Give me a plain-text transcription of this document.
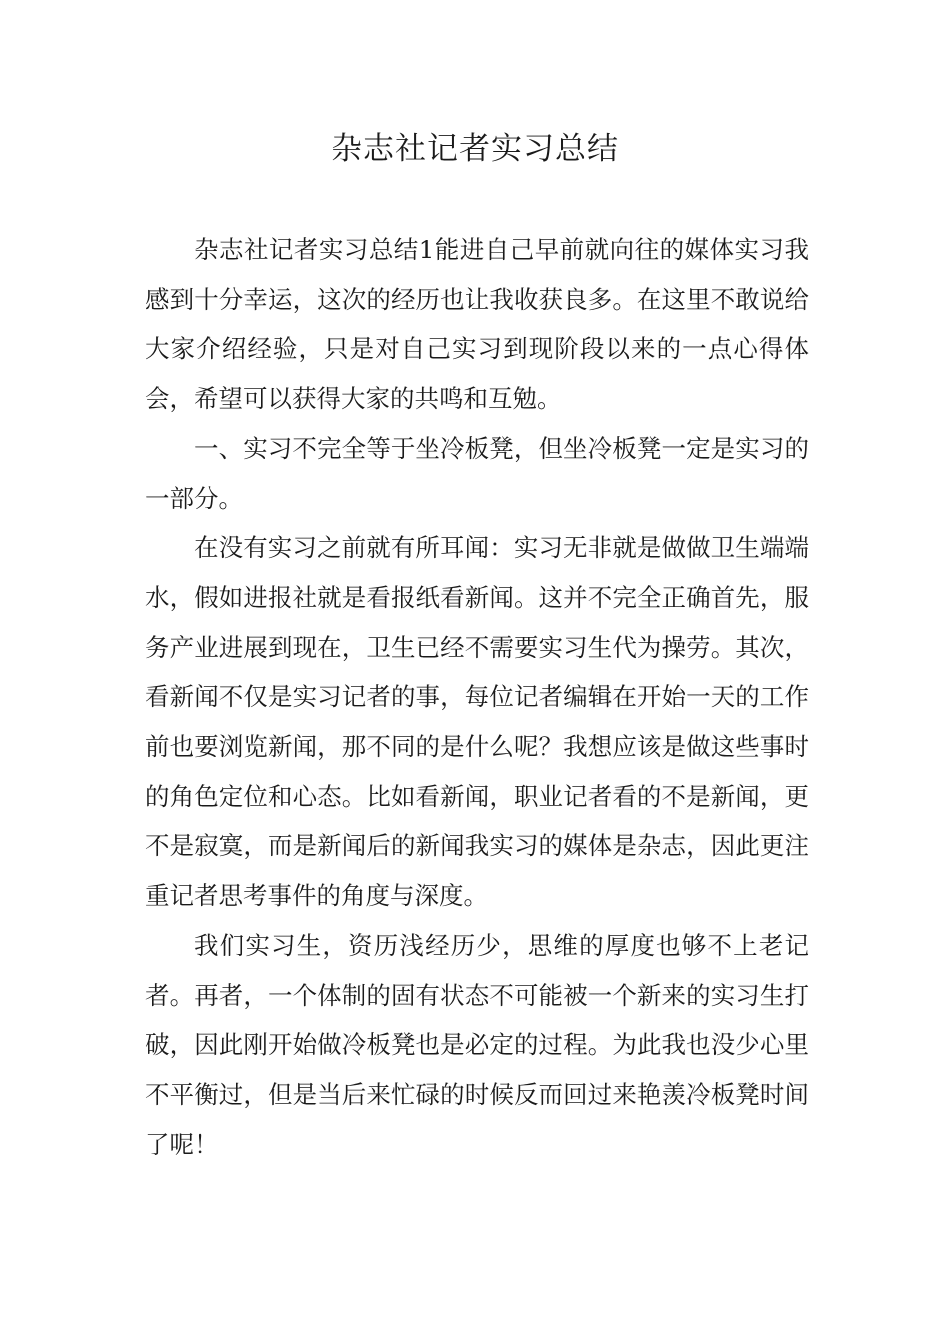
杂志社记者实习总结

杂志社记者实习总结1能进自己早前就向往的媒体实习我感到十分幸运，这次的经历也让我收获良多。在这里不敢说给大家介绍经验，只是对自己实习到现阶段以来的一点心得体会，希望可以获得大家的共鸣和互勉。

一、实习不完全等于坐冷板凳，但坐冷板凳一定是实习的一部分。

在没有实习之前就有所耳闻：实习无非就是做做卫生端端水，假如进报社就是看报纸看新闻。这并不完全正确首先，服务产业进展到现在，卫生已经不需要实习生代为操劳。其次，看新闻不仅是实习记者的事，每位记者编辑在开始一天的工作前也要浏览新闻，那不同的是什么呢？我想应该是做这些事时的角色定位和心态。比如看新闻，职业记者看的不是新闻，更不是寂寞，而是新闻后的新闻我实习的媒体是杂志，因此更注重记者思考事件的角度与深度。

我们实习生，资历浅经历少，思维的厚度也够不上老记者。再者，一个体制的固有状态不可能被一个新来的实习生打破，因此刚开始做冷板凳也是必定的过程。为此我也没少心里不平衡过，但是当后来忙碌的时候反而回过来艳羡冷板凳时间了呢！
